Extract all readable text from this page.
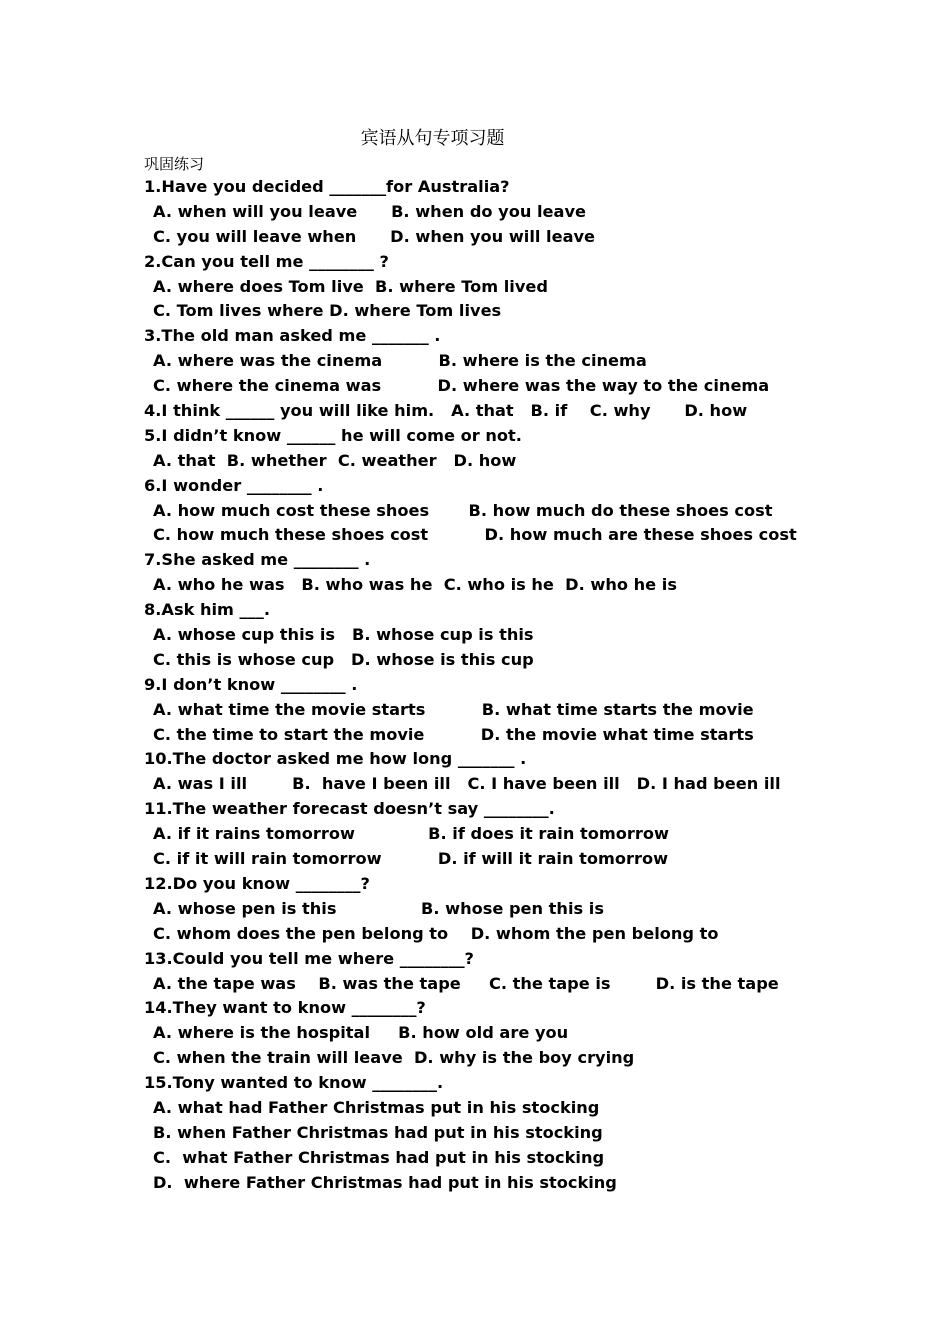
宾语从句专项习题
巩固练习
1.Have you decided _______for Australia?
A. when will you leave      B. when do you leave
C. you will leave when      D. when you will leave
2.Can you tell me ________ ?
A. where does Tom live  B. where Tom lived
C. Tom lives where D. where Tom lives
3.The old man asked me _______ .
A. where was the cinema          B. where is the cinema
C. where the cinema was          D. where was the way to the cinema
4.I think ______ you will like him.   A. that   B. if    C. why      D. how
5.I didn’t know ______ he will come or not.
A. that  B. whether  C. weather   D. how
6.I wonder ________ .
A. how much cost these shoes       B. how much do these shoes cost
C. how much these shoes cost          D. how much are these shoes cost
7.She asked me ________ .
A. who he was   B. who was he  C. who is he  D. who he is
8.Ask him ___.
A. whose cup this is   B. whose cup is this
C. this is whose cup   D. whose is this cup
9.I don’t know ________ .
A. what time the movie starts          B. what time starts the movie
C. the time to start the movie          D. the movie what time starts
10.The doctor asked me how long _______ .
A. was I ill        B.  have I been ill   C. I have been ill   D. I had been ill
11.The weather forecast doesn’t say ________.
A. if it rains tomorrow             B. if does it rain tomorrow
C. if it will rain tomorrow          D. if will it rain tomorrow
12.Do you know ________?
A. whose pen is this               B. whose pen this is
C. whom does the pen belong to    D. whom the pen belong to
13.Could you tell me where ________?
A. the tape was    B. was the tape     C. the tape is        D. is the tape
14.They want to know ________?
A. where is the hospital     B. how old are you
C. when the train will leave  D. why is the boy crying
15.Tony wanted to know ________.
A. what had Father Christmas put in his stocking
B. when Father Christmas had put in his stocking
C.  what Father Christmas had put in his stocking
D.  where Father Christmas had put in his stocking
